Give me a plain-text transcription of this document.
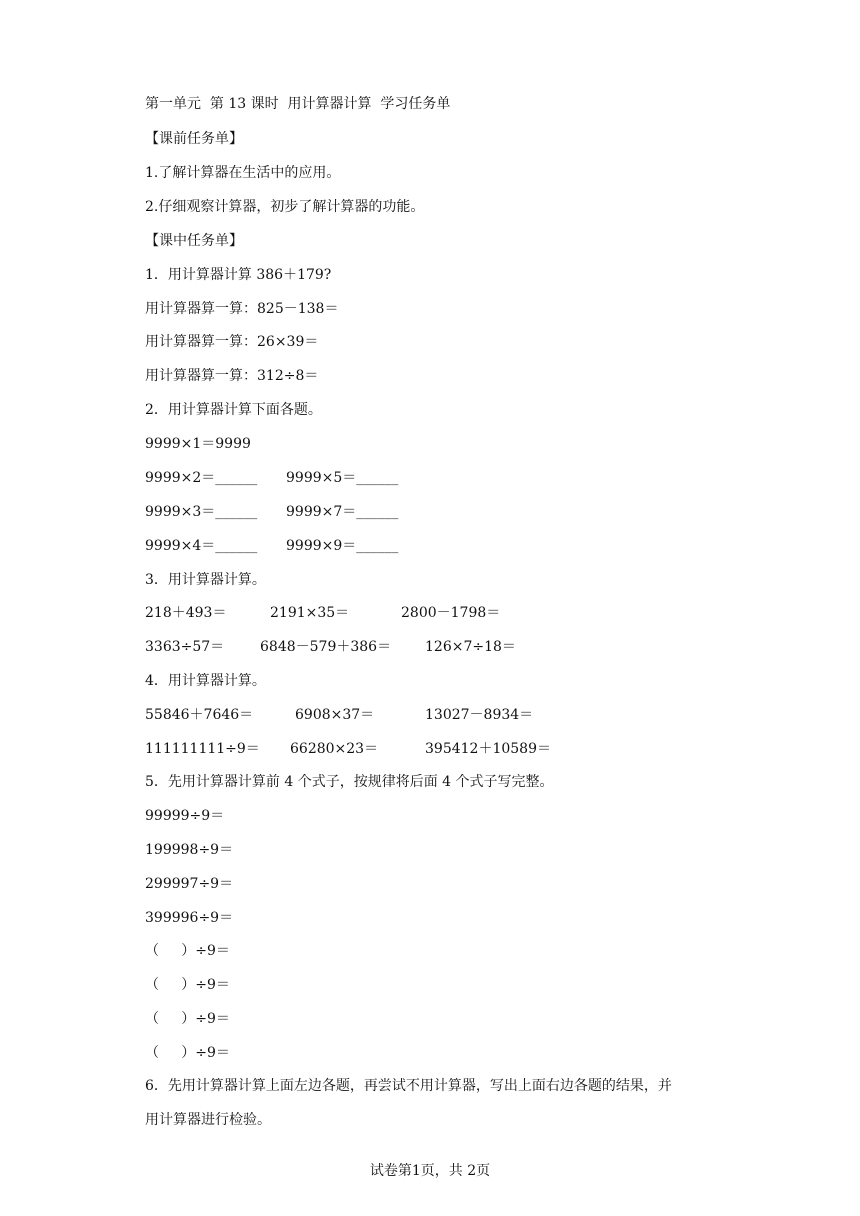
第一单元  第 13 课时  用计算器计算  学习任务单
【课前任务单】
1.了解计算器在生活中的应用。
2.仔细观察计算器，初步了解计算器的功能。
【课中任务单】
1．用计算器计算 386＋179?
用计算器算一算：825－138＝
用计算器算一算：26×39＝
用计算器算一算：312÷8＝
2．用计算器计算下面各题。
9999×1＝9999
9999×2＝______ 9999×5＝______
9999×3＝______ 9999×7＝______
9999×4＝______ 9999×9＝______
3．用计算器计算。
218＋493＝	2191×35＝	2800－1798＝
3363÷57＝	6848－579＋386＝ 126×7÷18＝
4．用计算器计算。
55846＋7646＝	6908×37＝	13027－8934＝
111111111÷9＝ 66280×23＝	395412＋10589＝
5．先用计算器计算前 4 个式子，按规律将后面 4 个式子写完整。
99999÷9＝
199998÷9＝
299997÷9＝
399996÷9＝
（     ）÷9＝
（     ）÷9＝
（     ）÷9＝
（     ）÷9＝
6．先用计算器计算上面左边各题，再尝试不用计算器，写出上面右边各题的结果，并
用计算器进行检验。
试卷第1页，共 2页
